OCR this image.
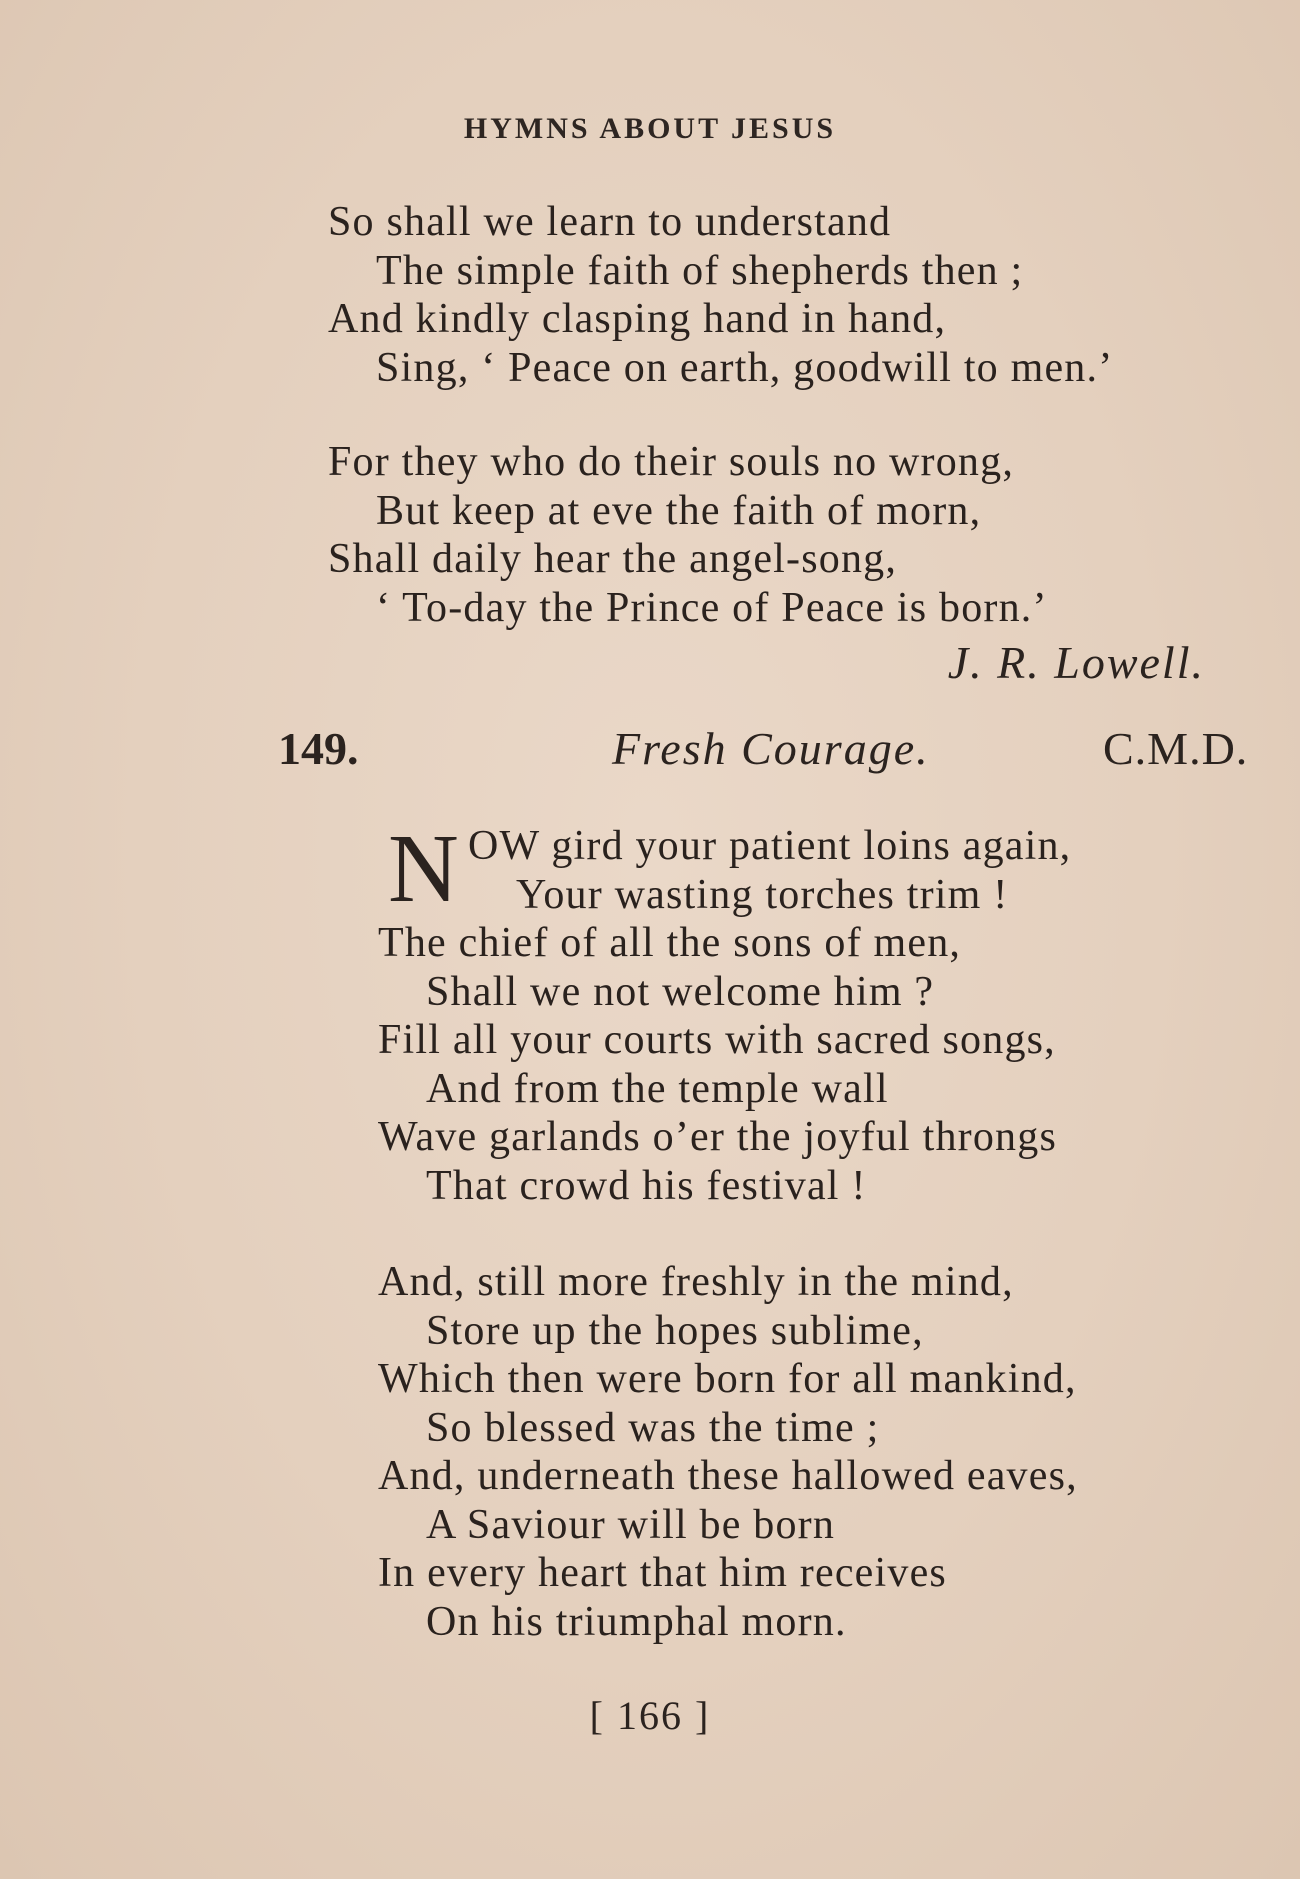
HYMNS ABOUT JESUS
So shall we learn to understand
The simple faith of shepherds then ;
And kindly clasping hand in hand,
Sing, ‘ Peace on earth, goodwill to men.’
For they who do their souls no wrong,
But keep at eve the faith of morn,
Shall daily hear the angel-song,
‘ To-day the Prince of Peace is born.’
J. R. Lowell.
149.	Fresh Courage.	C.M.D.
N OW gird your patient loins again,
Your wasting torches trim !
The chief of all the sons of men,
Shall we not welcome him ?
Fill all your courts with sacred songs,
And from the temple wall
Wave garlands o’er the joyful throngs
That crowd his festival !
And, still more freshly in the mind,
Store up the hopes sublime,
Which then were born for all mankind,
So blessed was the time ;
And, underneath these hallowed eaves,
A Saviour will be born
In every heart that him receives
On his triumphal morn.
[ 166 ]
